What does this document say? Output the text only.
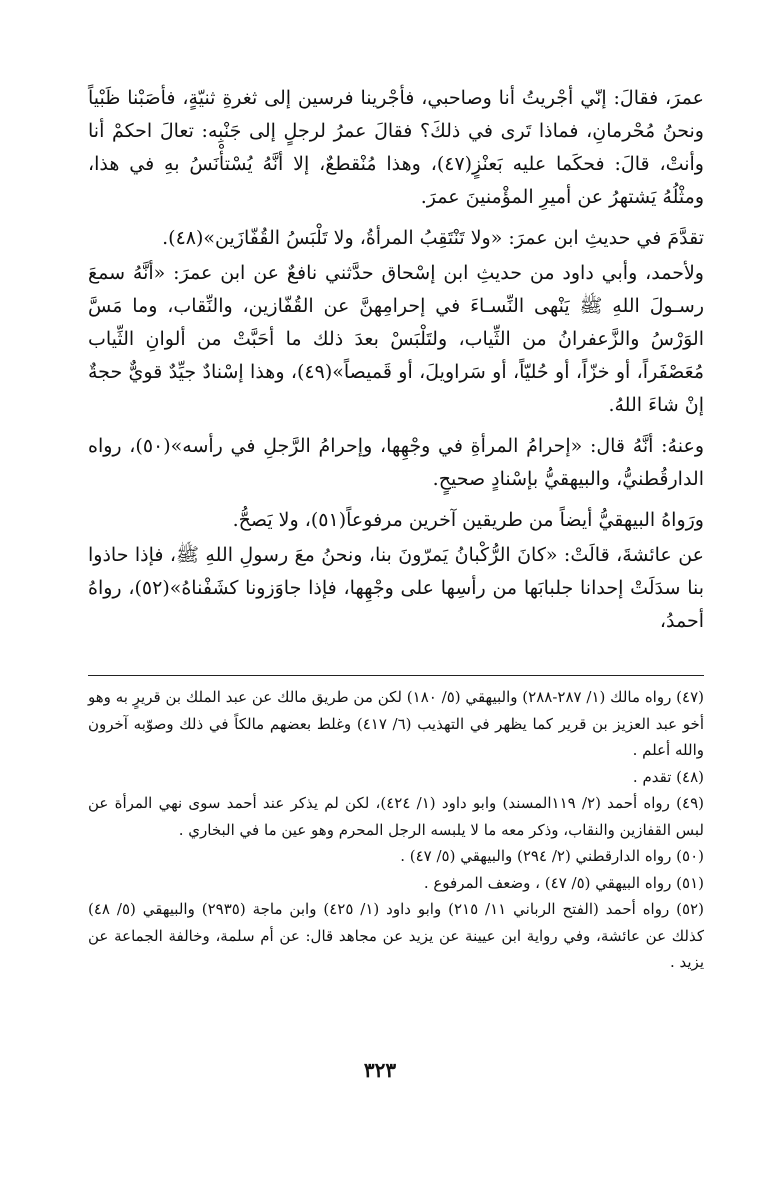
عمرَ، فقالَ: إنّي أجْريتُ أنا وصاحبي، فأجْرينا فرسين إلى ثغرةِ ثنيّةٍ، فأصَبْنا ظَبْياً ونحنُ مُحْرمانِ، فماذا تَرى في ذلكَ؟ فقالَ عمرُ لرجلٍ إلى جَنْبِه: تعالَ احكمْ أنا وأنتْ، قالَ: فحكَما عليه بَعنْزٍ(٤٧)، وهذا مُنْقطعٌ، إلا أنَّهُ يُسْتأْنَسُ بهِ في هذا، ومثْلُهُ يَشتهرُ عن أميرِ المؤْمنينَ عمرَ.

تقدَّمَ في حديثِ ابن عمرَ: «ولا تَنْتَقِبُ المرأةُ، ولا تَلْبَسُ القُفّازَين»(٤٨).

ولأحمد، وأبي داود من حديثِ ابن إسْحاق حدَّثني نافعٌ عن ابن عمرَ: «أنَّهُ سمعَ رسـولَ اللهِ ﷺ يَنْهى النِّسـاءَ في إحرامِهنَّ عن القُفّازين، والنِّقاب، وما مَسَّ الوَرْسُ والزَّعفرانُ من الثِّياب، ولتَلْبَسْ بعدَ ذلك ما أحَبَّتْ من ألوانِ الثِّياب مُعَصْفَراً، أو خزّاً، أو حُليّاً، أو سَراويلَ، أو قَميصاً»(٤٩)، وهذا إسْنادٌ جيِّدٌ قويٌّ حجةٌ إنْ شاءَ اللهُ.

وعنهُ: أنَّهُ قال: «إحرامُ المرأةِ في وجْهِها، وإحرامُ الرَّجلِ في رأسه»(٥٠)، رواه الدارقُطنيُّ، والبيهقيُّ بإسْنادٍ صحيحٍ.

ورَواهُ البيهقيُّ أيضاً من طريقين آخرين مرفوعاً(٥١)، ولا يَصحُّ.

عن عائشةَ، قالَتْ: «كانَ الرُّكْبانُ يَمرّونَ بنا، ونحنُ معَ رسولِ اللهِ ﷺ، فإذا حاذوا بنا سدَلَتْ إحدانا جلبابَها من رأسِها على وجْهِها، فإذا جاوَزونا كشَفْناهُ»(٥٢)، رواهُ أحمدُ،

(٤٧) رواه مالك (١/ ٢٨٧-٢٨٨) والبيهقي (٥/ ١٨٠) لكن من طريق مالك عن عبد الملك بن قريرٍ به وهو أخو عبد العزيز بن قرير كما يظهر في التهذيب (٦/ ٤١٧) وغلط بعضهم مالكاً في ذلك وصوّبه آخرون والله أعلم .

(٤٨) تقدم .

(٤٩) رواه أحمد (٢/ ١١٩المسند) وابو داود (١/ ٤٢٤)، لكن لم يذكر عند أحمد سوى نهي المرأة عن لبس القفازين والنقاب، وذكر معه ما لا يلبسه الرجل المحرم وهو عين ما في البخاري .

(٥٠) رواه الدارقطني (٢/ ٢٩٤) والبيهقي (٥/ ٤٧) .

(٥١) رواه البيهقي (٥/ ٤٧) ، وضعف المرفوع .

(٥٢) رواه أحمد (الفتح الرباني ١١/ ٢١٥) وابو داود (١/ ٤٢٥) وابن ماجة (٢٩٣٥) والبيهقي (٥/ ٤٨) كذلك عن عائشة، وفي رواية ابن عيينة عن يزيد عن مجاهد قال: عن أم سلمة، وخالفة الجماعة عن يزيد .

٣٢٣
